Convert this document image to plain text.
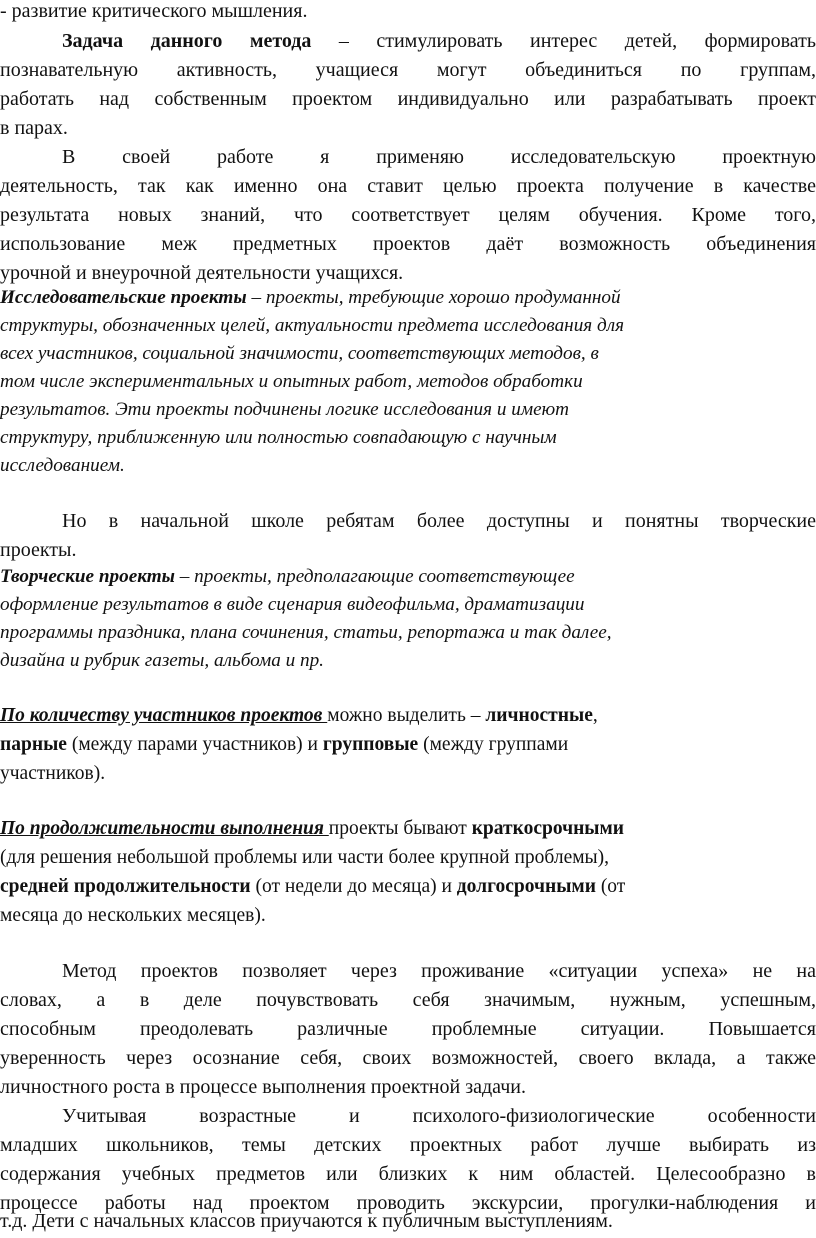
- развитие критического мышления.
Задача данного метода – стимулировать интерес детей, формировать
познавательную активность, учащиеся могут объединиться по группам,
работать над собственным проектом индивидуально или разрабатывать проект
в парах.
В своей работе я применяю исследовательскую проектную
деятельность, так как именно она ставит целью проекта получение в качестве
результата новых знаний, что соответствует целям обучения. Кроме того,
использование меж предметных проектов даёт возможность объединения
урочной и внеурочной деятельности учащихся.
Исследовательские проекты – проекты, требующие хорошо продуманной
структуры, обозначенных целей, актуальности предмета исследования для
всех участников, социальной значимости, соответствующих методов, в
том числе экспериментальных и опытных работ, методов обработки
результатов. Эти проекты подчинены логике исследования и имеют
структуру, приближенную или полностью совпадающую с научным
исследованием.
Но в начальной школе ребятам более доступны и понятны творческие
проекты.
Творческие проекты – проекты, предполагающие соответствующее
оформление результатов в виде сценария видеофильма, драматизации
программы праздника, плана сочинения, статьи, репортажа и так далее,
дизайна и рубрик газеты, альбома и пр.
По количеству участников проектов можно выделить – личностные,
парные (между парами участников) и групповые (между группами
участников).
По продолжительности выполнения проекты бывают краткосрочными
(для решения небольшой проблемы или части более крупной проблемы),
средней продолжительности (от недели до месяца) и долгосрочными (от
месяца до нескольких месяцев).
Метод проектов позволяет через проживание «ситуации успеха» не на
словах, а в деле почувствовать себя значимым, нужным, успешным,
способным преодолевать различные проблемные ситуации. Повышается
уверенность через осознание себя, своих возможностей, своего вклада, а также
личностного роста в процессе выполнения проектной задачи.
Учитывая возрастные и психолого-физиологические особенности
младших школьников, темы детских проектных работ лучше выбирать из
содержания учебных предметов или близких к ним областей. Целесообразно в
процессе работы над проектом проводить экскурсии, прогулки-наблюдения и
т.д. Дети с начальных классов приучаются к публичным выступлениям.
